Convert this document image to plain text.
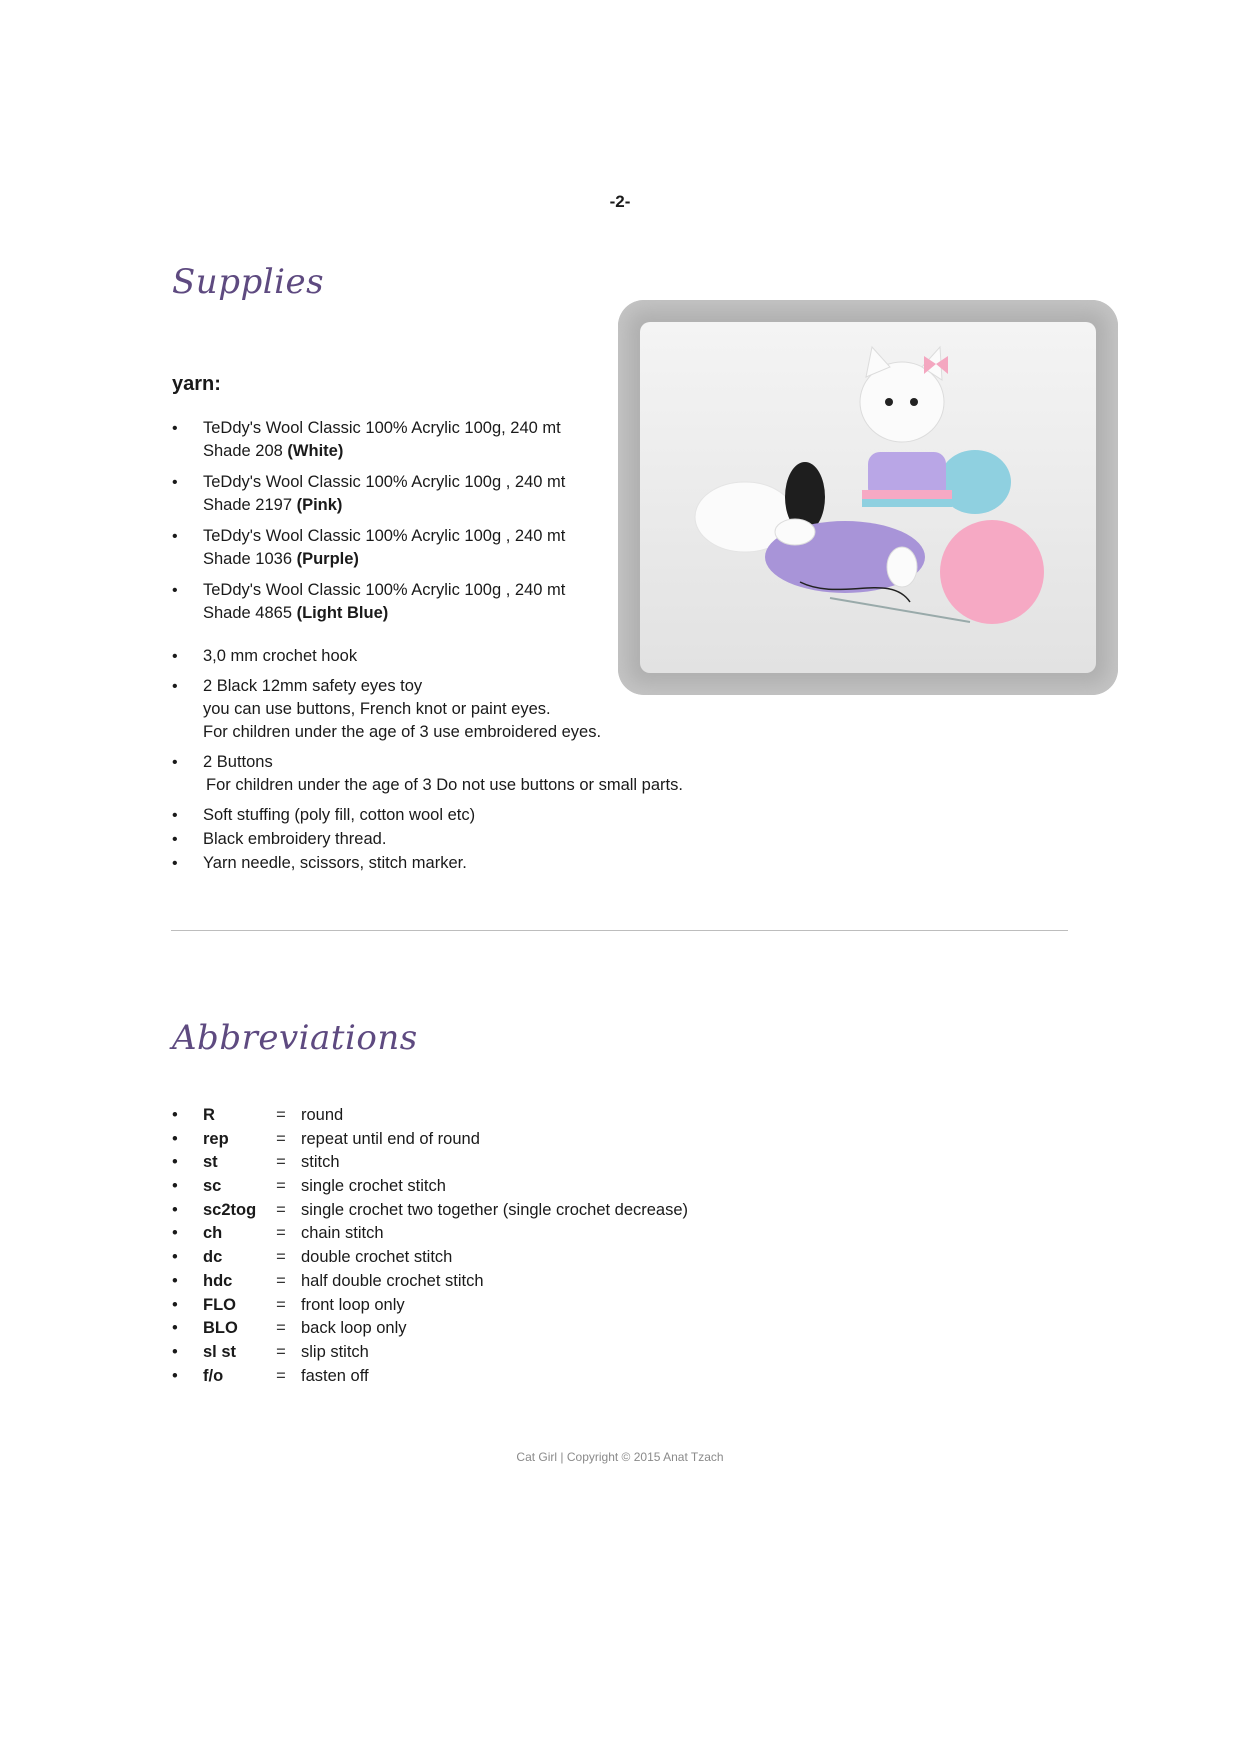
-2-
Supplies
yarn:
• TeDdy's Wool Classic 100% Acrylic 100g, 240 mt
Shade 208 (White)
• TeDdy's Wool Classic 100% Acrylic 100g , 240 mt
Shade 2197 (Pink)
• TeDdy's Wool Classic 100% Acrylic 100g , 240 mt
Shade 1036 (Purple)
• TeDdy's Wool Classic 100% Acrylic 100g , 240 mt
Shade 4865 (Light Blue)
• 3,0 mm crochet hook
• 2 Black 12mm safety eyes toy
you can use buttons, French knot or paint eyes.
For children under the age of 3 use embroidered eyes.
• 2 Buttons
For children under the age of 3 Do not use buttons or small parts.
• Soft stuffing (poly fill, cotton wool etc)
• Black embroidery thread.
• Yarn needle, scissors, stitch marker.
Abbreviations
• R	= round
• rep	= repeat until end of round
• st	= stitch
• sc	= single crochet stitch
• sc2tog = single crochet two together (single crochet decrease)
• ch	= chain stitch
• dc	= double crochet stitch
• hdc	= half double crochet stitch
• FLO = front loop only
• BLO = back loop only
• sl st = slip stitch
• f/o	= fasten off
Cat Girl | Copyright © 2015 Anat Tzach
